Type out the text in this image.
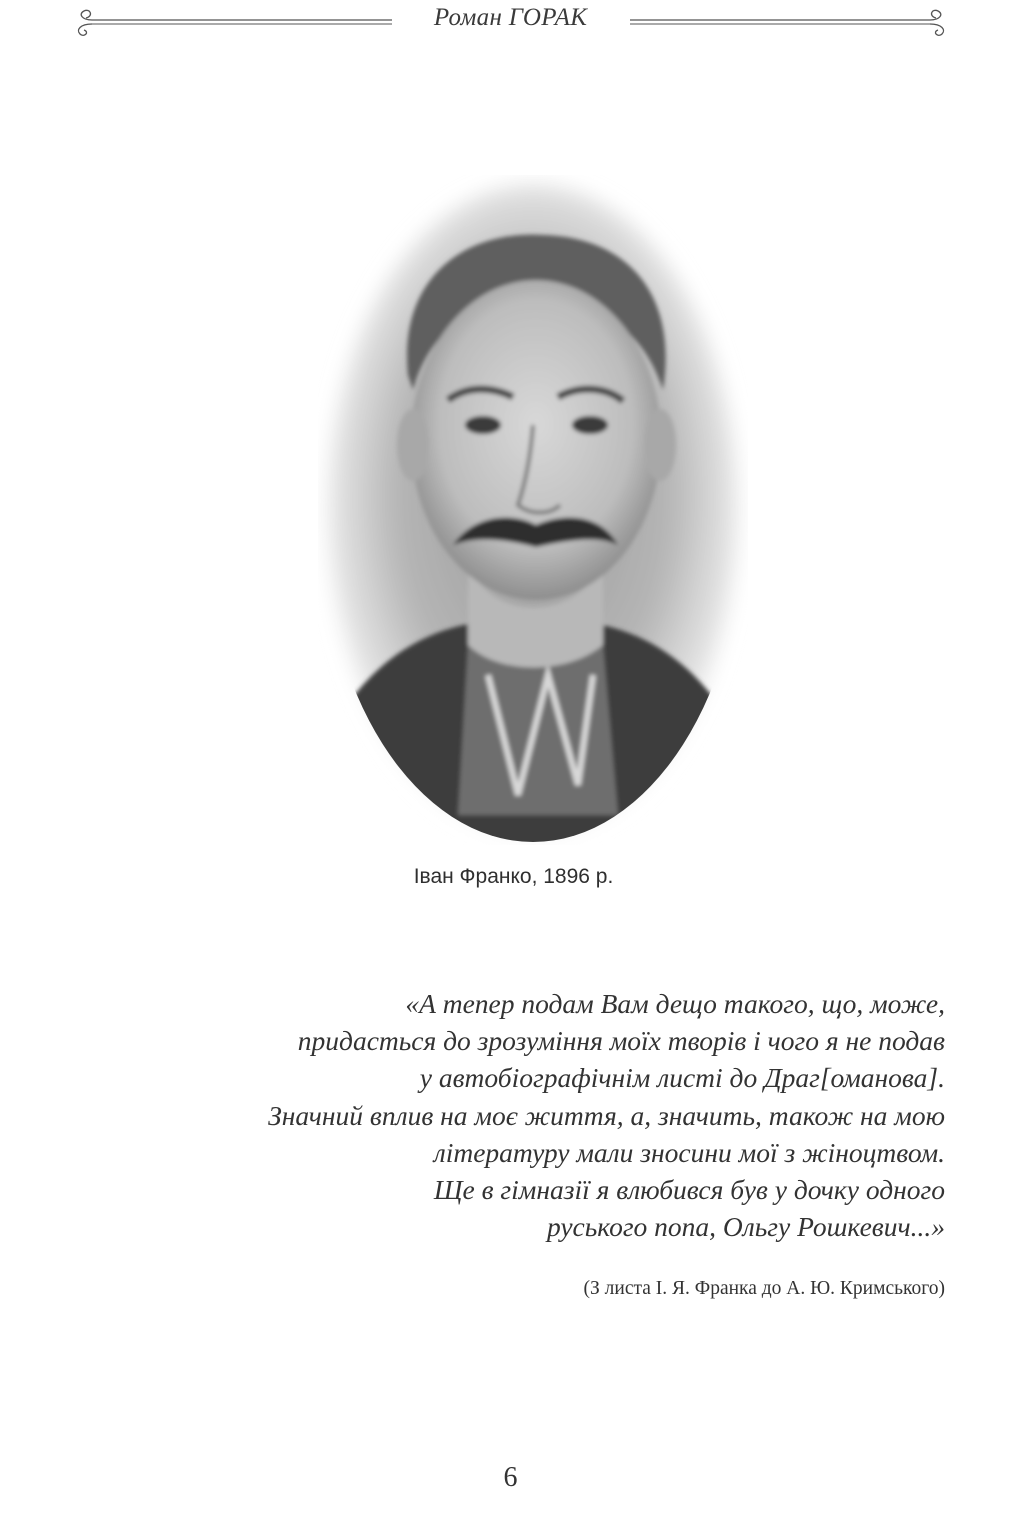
Роман ГОРАК
Іван Франко, 1896 р.
«А тепер подам Вам дещо такого, що, може,
придасться до зрозуміння моїх творів і чого я не подав
у автобіографічнім листі до Драг[оманова].
Значний вплив на моє життя, а, значить, також на мою
літературу мали зносини мої з жіноцтвом.
Ще в гімназії я влюбився був у дочку одного
руського попа, Ольгу Рошкевич...»
(З листа І. Я. Франка до А. Ю. Кримського)
6
